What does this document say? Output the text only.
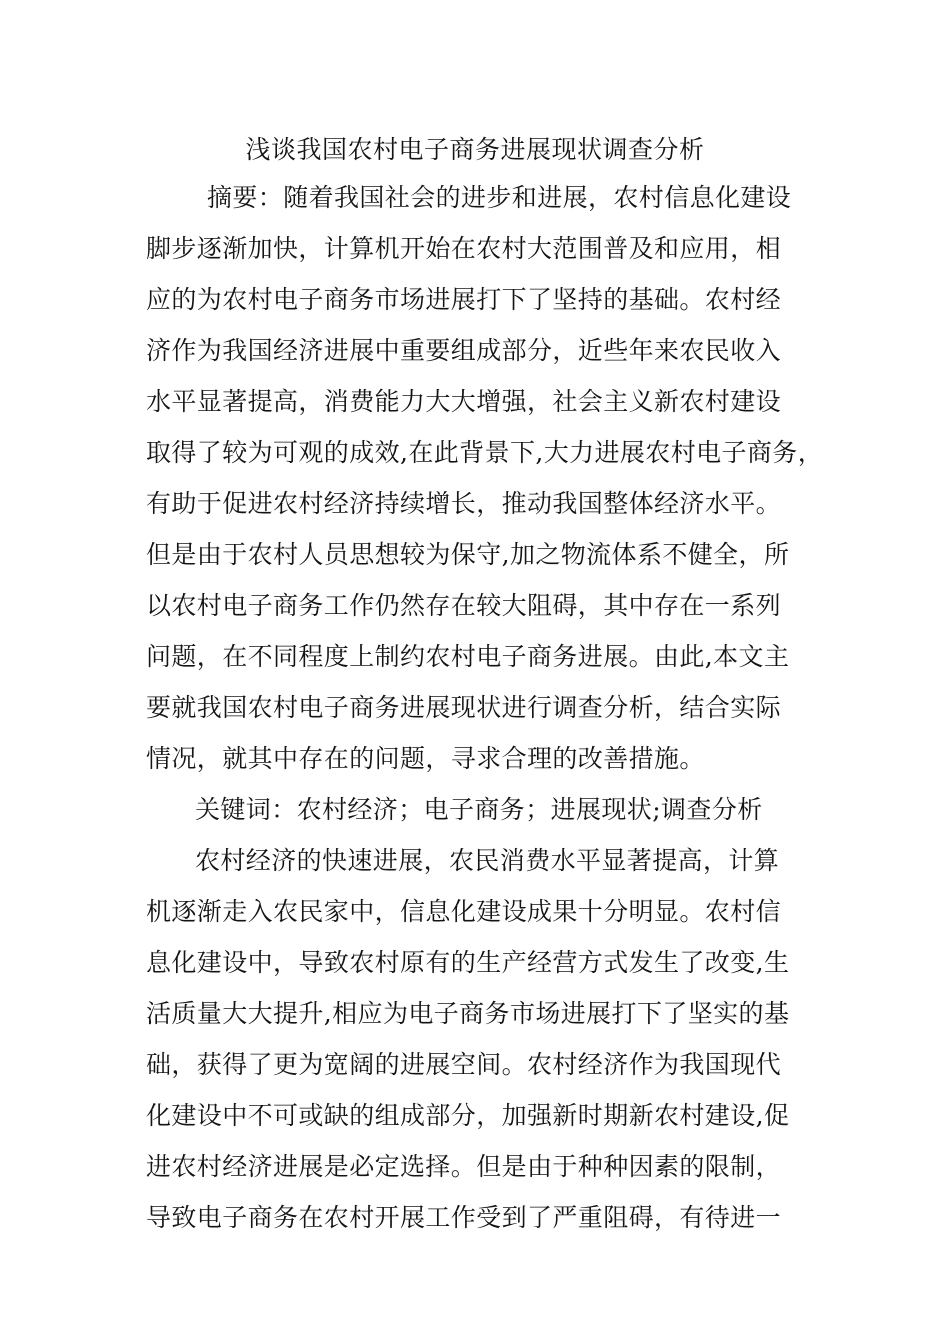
浅谈我国农村电子商务进展现状调查分析
摘要：随着我国社会的进步和进展，农村信息化建设
脚步逐渐加快，计算机开始在农村大范围普及和应用，相
应的为农村电子商务市场进展打下了坚持的基础。农村经
济作为我国经济进展中重要组成部分，近些年来农民收入
水平显著提高，消费能力大大增强，社会主义新农村建设
取得了较为可观的成效,在此背景下,大力进展农村电子商务，
有助于促进农村经济持续增长，推动我国整体经济水平。
但是由于农村人员思想较为保守,加之物流体系不健全，所
以农村电子商务工作仍然存在较大阻碍，其中存在一系列
问题，在不同程度上制约农村电子商务进展。由此,本文主
要就我国农村电子商务进展现状进行调查分析，结合实际
情况，就其中存在的问题，寻求合理的改善措施。
关键词：农村经济；电子商务；进展现状;调查分析
农村经济的快速进展，农民消费水平显著提高，计算
机逐渐走入农民家中，信息化建设成果十分明显。农村信
息化建设中，导致农村原有的生产经营方式发生了改变,生
活质量大大提升,相应为电子商务市场进展打下了坚实的基
础，获得了更为宽阔的进展空间。农村经济作为我国现代
化建设中不可或缺的组成部分，加强新时期新农村建设,促
进农村经济进展是必定选择。但是由于种种因素的限制，
导致电子商务在农村开展工作受到了严重阻碍，有待进一
